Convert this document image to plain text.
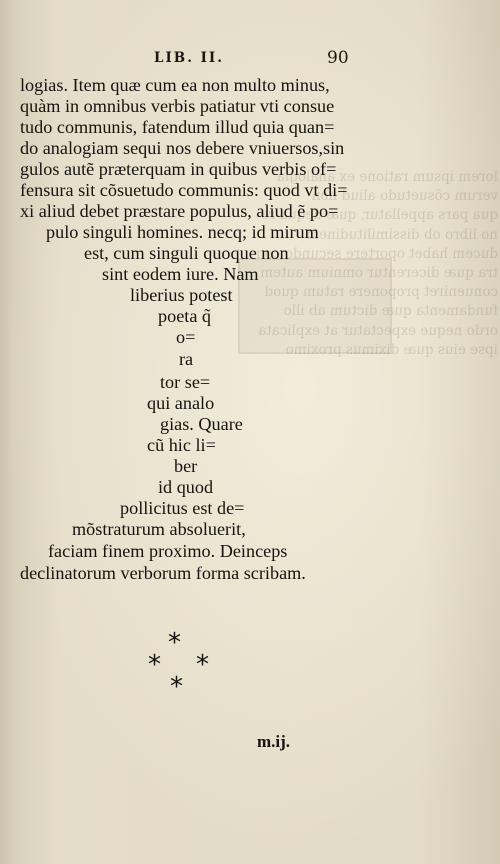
lorem ipsum ratione ex analogia
verum cõsuetudo aliud non
qua pars appellatur, quæ dequa re
no libro ob dissimilitudinem
ducem habet oportere secundo con
tra quæ dicerentur omnium autem
conueniret proponere ratum quod
fundamenta quæ dictum ab illo
ordo neque expectatur at explicata
ipse eius quæ diximus proximo
LIB. II.	90
logias. Item quæ cum ea non multo minus,
quàm in omnibus verbis patiatur vti consue
tudo communis, fatendum illud quia quan=
do analogiam sequi nos debere vniuersos,sin
gulos autẽ præterquam in quibus verbis of=
fensura sit cõsuetudo communis: quod vt di=
xi aliud debet præstare populus, aliud ẽ po=
pulo singuli homines. necq; id mirum
est, cum singuli quoque non
sint eodem iure. Nam
liberius potest
poeta q̃
o=
ra
tor se=
qui analo
gias. Quare
cũ hic li=
ber
id quod
pollicitus est de=
mõstraturum absoluerit,
faciam finem proximo. Deinceps
declinatorum verborum forma scribam.
*
* *
*
m.ij.
